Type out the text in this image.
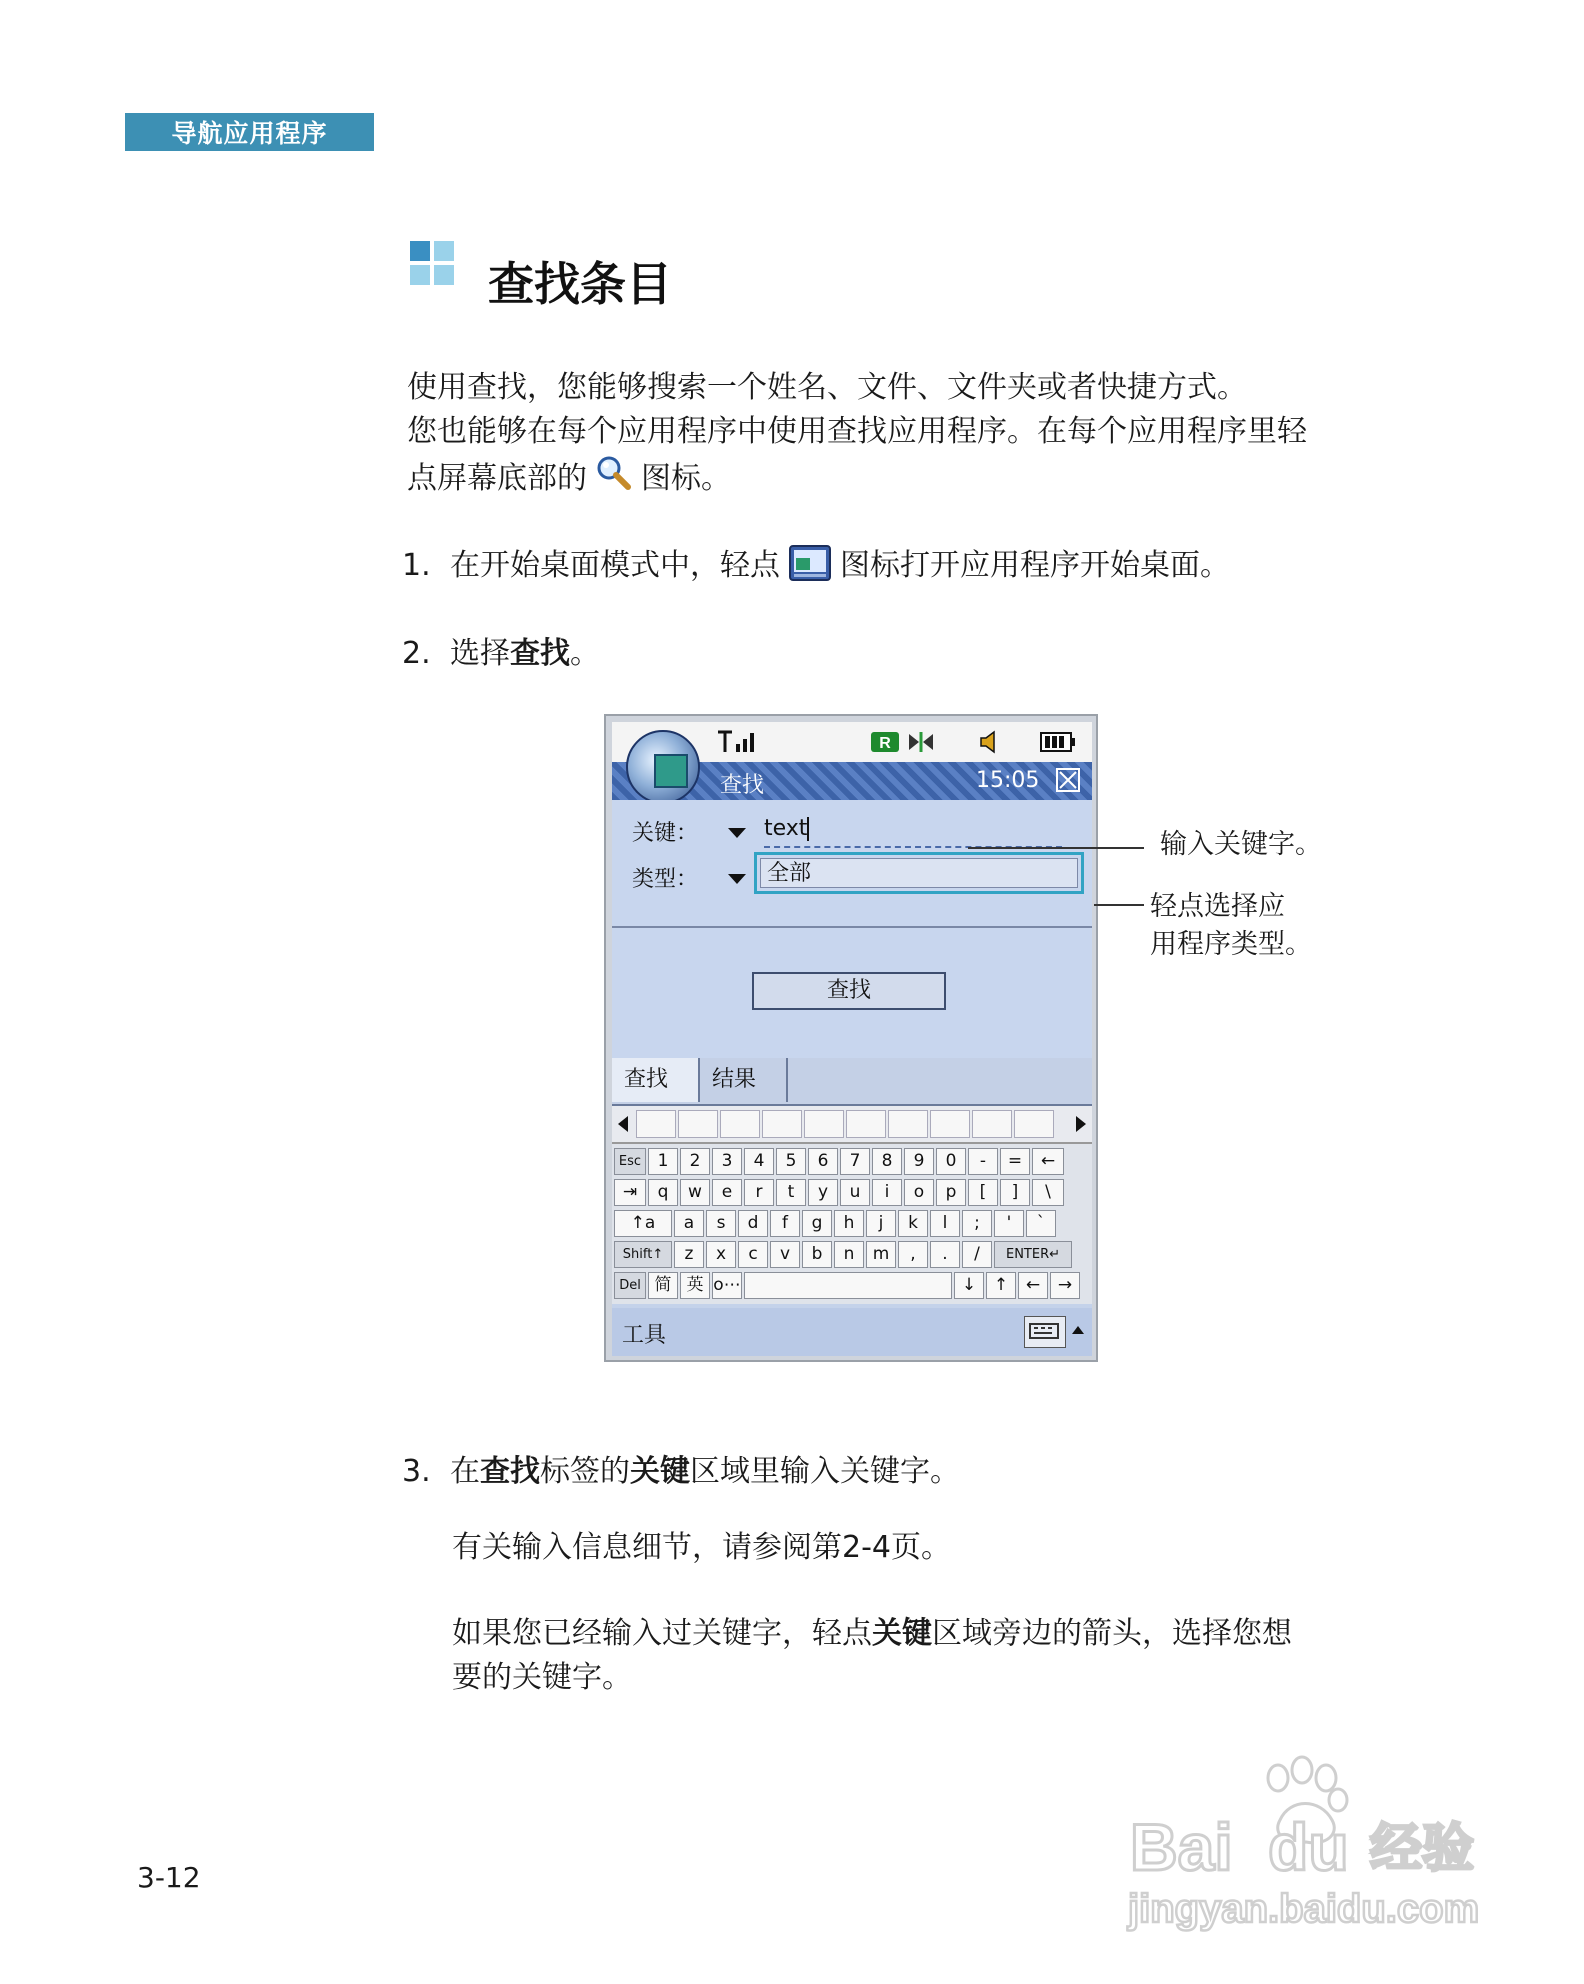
导航应用程序
查找条目

使用查找，您能够搜索一个姓名、文件、文件夹或者快捷方式。
您也能够在每个应用程序中使用查找应用程序。在每个应用程序里轻
点屏幕底部的 图标。

1. 在开始桌面模式中，轻点 图标打开应用程序开始桌面。
2. 选择查找。
R
查找	15:05
关键：	text
类型：	全部
查找
查找	结果
Esc 1	2	3	4	5	6	7	8	9	0	-	=	←
⇥	q	w	e	r	t	y	u	i	o	p	[	]	\
↑a	a	s	d	f	g	h	j	k	l	;	'	`
Shift↑	z	x	c	v	b	n	m	,	.	/	ENTER↵
Del 简 英 o⋯	↓	↑	←	→
工具
输入关键字。
轻点选择应
用程序类型。
3. 在查找标签的关键区域里输入关键字。
有关输入信息细节，请参阅第2-4页。
如果您已经输入过关键字，轻点关键区域旁边的箭头，选择您想
要的关键字。
3-12	Bai du 经验
jingyan.baidu.com
